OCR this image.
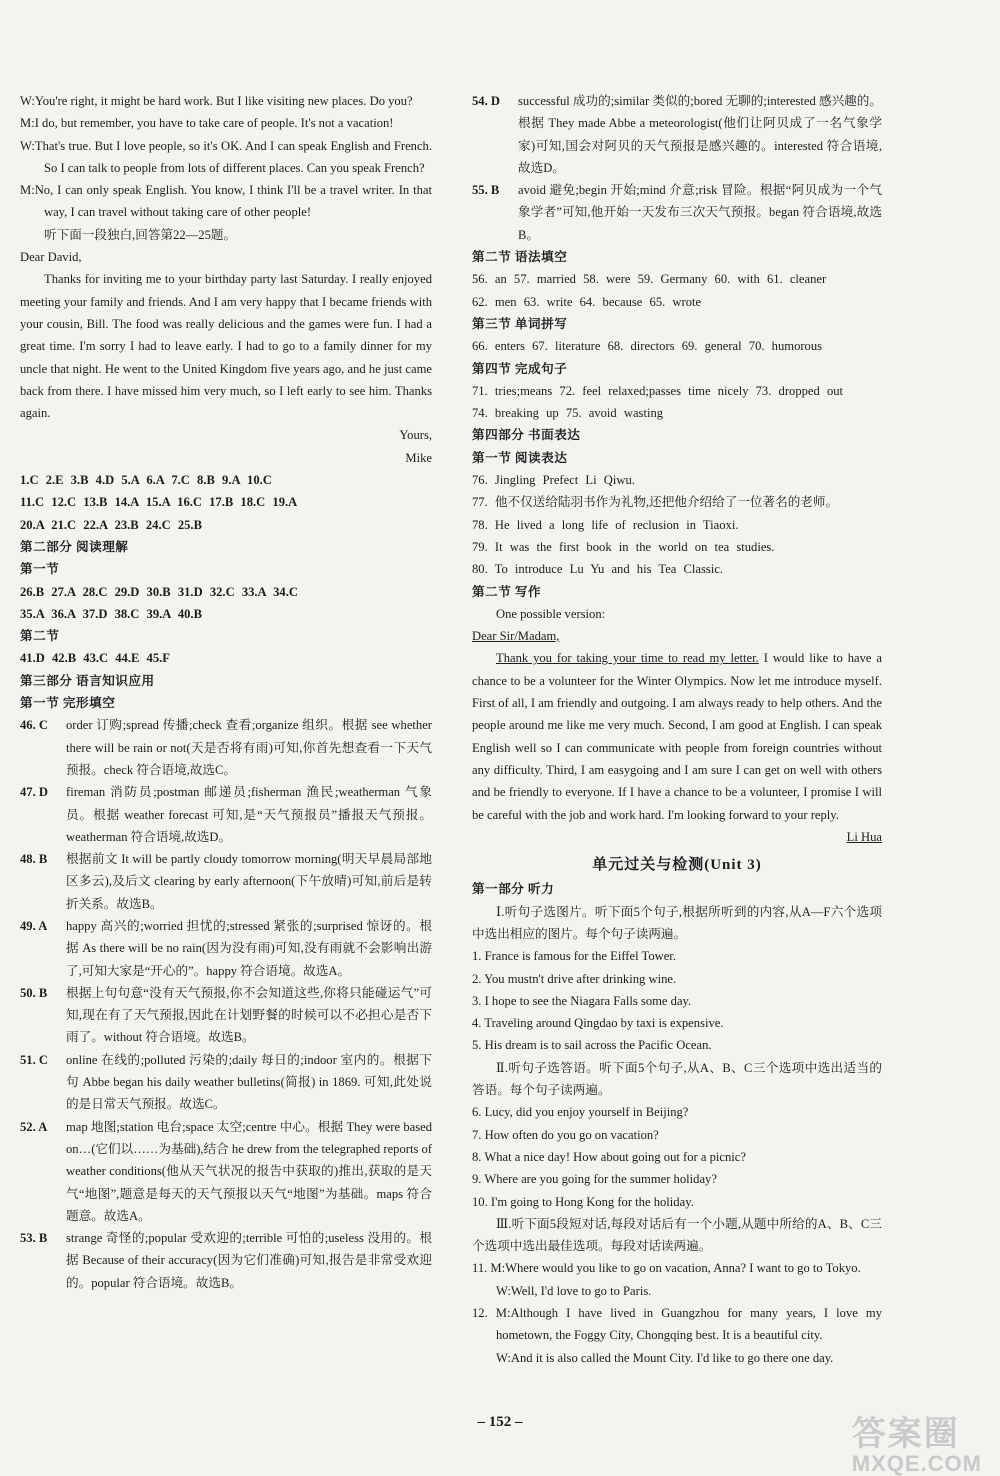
W:You're right, it might be hard work. But I like visiting new places. Do you?

M:I do, but remember, you have to take care of people. It's not a vacation!

W:That's true. But I love people, so it's OK. And I can speak English and French. So I can talk to people from lots of different places. Can you speak French?

M:No, I can only speak English. You know, I think I'll be a travel writer. In that way, I can travel without taking care of other people!

听下面一段独白,回答第22—25题。

Dear David,

Thanks for inviting me to your birthday party last Saturday. I really enjoyed meeting your family and friends. And I am very happy that I became friends with your cousin, Bill. The food was really delicious and the games were fun. I had a great time. I'm sorry I had to leave early. I had to go to a family dinner for my uncle that night. He went to the United Kingdom five years ago, and he just came back from there. I have missed him very much, so I left early to see him. Thanks again.

Yours,

Mike

1.C 2.E 3.B 4.D 5.A 6.A 7.C 8.B 9.A 10.C

11.C 12.C 13.B 14.A 15.A 16.C 17.B 18.C 19.A

20.A 21.C 22.A 23.B 24.C 25.B

第二部分 阅读理解

第一节

26.B 27.A 28.C 29.D 30.B 31.D 32.C 33.A 34.C

35.A 36.A 37.D 38.C 39.A 40.B

第二节

41.D 42.B 43.C 44.E 45.F

第三部分 语言知识应用

第一节 完形填空

46. C	order 订购;spread 传播;check 查看;organize 组织。根据 see whether there will be rain or not(天是否将有雨)可知,你首先想查看一下天气预报。check 符合语境,故选C。
47. D	fireman 消防员;postman 邮递员;fisherman 渔民;weatherman 气象员。根据 weather forecast 可知,是“天气预报员”播报天气预报。weatherman 符合语境,故选D。
48. B	根据前文 It will be partly cloudy tomorrow morning(明天早晨局部地区多云),及后文 clearing by early afternoon(下午放晴)可知,前后是转折关系。故选B。
49. A	happy 高兴的;worried 担忧的;stressed 紧张的;surprised 惊讶的。根据 As there will be no rain(因为没有雨)可知,没有雨就不会影响出游了,可知大家是“开心的”。happy 符合语境。故选A。
50. B	根据上句句意“没有天气预报,你不会知道这些,你将只能碰运气”可知,现在有了天气预报,因此在计划野餐的时候可以不必担心是否下雨了。without 符合语境。故选B。
51. C	online 在线的;polluted 污染的;daily 每日的;indoor 室内的。根据下句 Abbe began his daily weather bulletins(简报) in 1869. 可知,此处说的是日常天气预报。故选C。
52. A	map 地图;station 电台;space 太空;centre 中心。根据 They were based on…(它们以……为基础),结合 he drew from the telegraphed reports of weather conditions(他从天气状况的报告中获取的)推出,获取的是天气“地图”,题意是每天的天气预报以天气“地图”为基础。maps 符合题意。故选A。
53. B	strange 奇怪的;popular 受欢迎的;terrible 可怕的;useless 没用的。根据 Because of their accuracy(因为它们准确)可知,报告是非常受欢迎的。popular 符合语境。故选B。
54. D	successful 成功的;similar 类似的;bored 无聊的;interested 感兴趣的。根据 They made Abbe a meteorologist(他们让阿贝成了一名气象学家)可知,国会对阿贝的天气预报是感兴趣的。interested 符合语境,故选D。
55. B	avoid 避免;begin 开始;mind 介意;risk 冒险。根据“阿贝成为一个气象学者”可知,他开始一天发布三次天气预报。began 符合语境,故选B。

第二节 语法填空

56. an 57. married 58. were 59. Germany 60. with 61. cleaner

62. men 63. write 64. because 65. wrote

第三节 单词拼写

66. enters 67. literature 68. directors 69. general 70. humorous

第四节 完成句子

71. tries;means 72. feel relaxed;passes time nicely 73. dropped out

74. breaking up 75. avoid wasting

第四部分 书面表达

第一节 阅读表达

76. Jingling Prefect Li Qiwu.

77. 他不仅送给陆羽书作为礼物,还把他介绍给了一位著名的老师。

78. He lived a long life of reclusion in Tiaoxi.

79. It was the first book in the world on tea studies.

80. To introduce Lu Yu and his Tea Classic.

第二节 写作

One possible version:

Dear Sir/Madam,

Thank you for taking your time to read my letter. I would like to have a chance to be a volunteer for the Winter Olympics. Now let me introduce myself. First of all, I am friendly and outgoing. I am always ready to help others. And the people around me like me very much. Second, I am good at English. I can speak English well so I can communicate with people from foreign countries without any difficulty. Third, I am easygoing and I am sure I can get on well with others and be friendly to everyone. If I have a chance to be a volunteer, I promise I will be careful with the job and work hard. I'm looking forward to your reply.

Li Hua

单元过关与检测(Unit 3)

第一部分 听力

Ⅰ.听句子选图片。听下面5个句子,根据所听到的内容,从A—F六个选项中选出相应的图片。每个句子读两遍。

1. France is famous for the Eiffel Tower.

2. You mustn't drive after drinking wine.

3. I hope to see the Niagara Falls some day.

4. Traveling around Qingdao by taxi is expensive.

5. His dream is to sail across the Pacific Ocean.

Ⅱ.听句子选答语。听下面5个句子,从A、B、C三个选项中选出适当的答语。每个句子读两遍。

6. Lucy, did you enjoy yourself in Beijing?

7. How often do you go on vacation?

8. What a nice day! How about going out for a picnic?

9. Where are you going for the summer holiday?

10. I'm going to Hong Kong for the holiday.

Ⅲ.听下面5段短对话,每段对话后有一个小题,从题中所给的A、B、C三个选项中选出最佳选项。每段对话读两遍。

11. M:Where would you like to go on vacation, Anna? I want to go to Tokyo.

W:Well, I'd love to go to Paris.

12. M:Although I have lived in Guangzhou for many years, I love my hometown, the Foggy City, Chongqing best. It is a beautiful city.

W:And it is also called the Mount City. I'd like to go there one day.

– 152 –	答案圈
MXQE.COM
